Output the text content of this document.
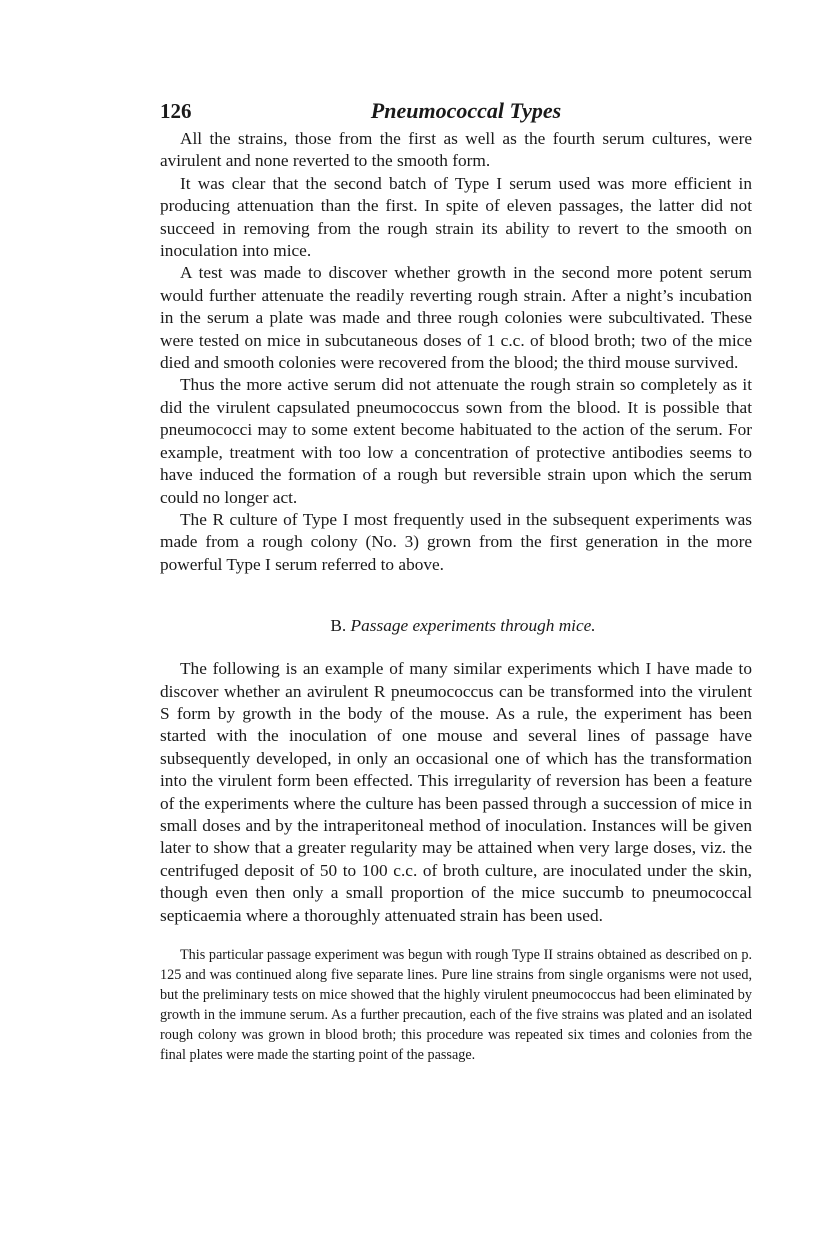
126	Pneumococcal Types

All the strains, those from the first as well as the fourth serum cultures, were avirulent and none reverted to the smooth form.

It was clear that the second batch of Type I serum used was more efficient in producing attenuation than the first. In spite of eleven passages, the latter did not succeed in removing from the rough strain its ability to revert to the smooth on inoculation into mice.

A test was made to discover whether growth in the second more potent serum would further attenuate the readily reverting rough strain. After a night’s incubation in the serum a plate was made and three rough colonies were subcultivated. These were tested on mice in subcutaneous doses of 1 c.c. of blood broth; two of the mice died and smooth colonies were recovered from the blood; the third mouse survived.

Thus the more active serum did not attenuate the rough strain so completely as it did the virulent capsulated pneumococcus sown from the blood. It is possible that pneumococci may to some extent become habituated to the action of the serum. For example, treatment with too low a concentration of protective antibodies seems to have induced the formation of a rough but reversible strain upon which the serum could no longer act.

The R culture of Type I most frequently used in the subsequent experiments was made from a rough colony (No. 3) grown from the first generation in the more powerful Type I serum referred to above.

B. Passage experiments through mice.

The following is an example of many similar experiments which I have made to discover whether an avirulent R pneumococcus can be transformed into the virulent S form by growth in the body of the mouse. As a rule, the experiment has been started with the inoculation of one mouse and several lines of passage have subsequently developed, in only an occasional one of which has the transformation into the virulent form been effected. This irregularity of reversion has been a feature of the experiments where the culture has been passed through a succession of mice in small doses and by the intraperitoneal method of inoculation. Instances will be given later to show that a greater regularity may be attained when very large doses, viz. the centrifuged deposit of 50 to 100 c.c. of broth culture, are inoculated under the skin, though even then only a small proportion of the mice succumb to pneumococcal septicaemia where a thoroughly attenuated strain has been used.

This particular passage experiment was begun with rough Type II strains obtained as described on p. 125 and was continued along five separate lines. Pure line strains from single organisms were not used, but the preliminary tests on mice showed that the highly virulent pneumococcus had been eliminated by growth in the immune serum. As a further precaution, each of the five strains was plated and an isolated rough colony was grown in blood broth; this procedure was repeated six times and colonies from the final plates were made the starting point of the passage.
